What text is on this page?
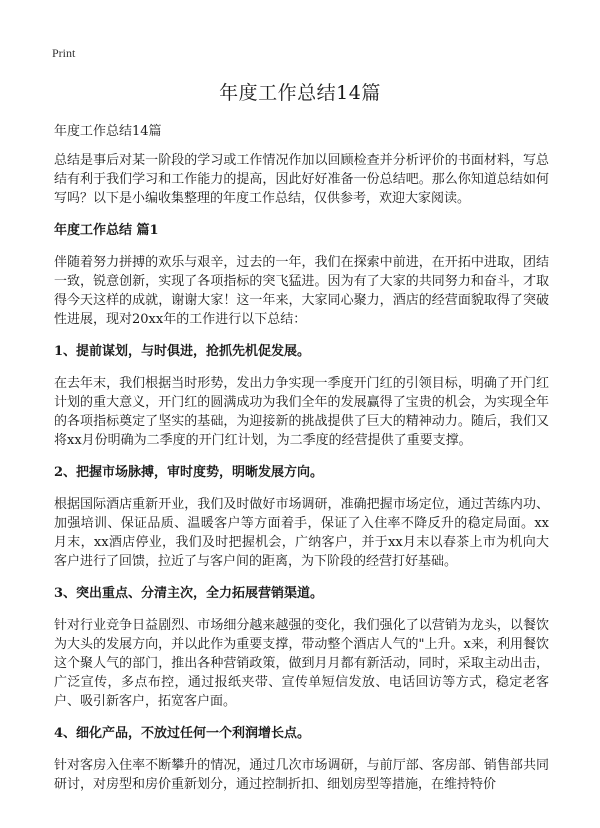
Print
年度工作总结14篇

年度工作总结14篇

总结是事后对某一阶段的学习或工作情况作加以回顾检查并分析评价的书面材料，写总结有利于我们学习和工作能力的提高，因此好好准备一份总结吧。那么你知道总结如何写吗？以下是小编收集整理的年度工作总结，仅供参考，欢迎大家阅读。

年度工作总结 篇1

伴随着努力拼搏的欢乐与艰辛，过去的一年，我们在探索中前进，在开拓中进取，团结一致，锐意创新，实现了各项指标的突飞猛进。因为有了大家的共同努力和奋斗，才取得今天这样的成就，谢谢大家！这一年来，大家同心聚力，酒店的经营面貌取得了突破性进展，现对20xx年的工作进行以下总结：

1、提前谋划，与时俱进，抢抓先机促发展。

在去年末，我们根据当时形势，发出力争实现一季度开门红的引领目标，明确了开门红计划的重大意义，开门红的圆满成功为我们全年的发展赢得了宝贵的机会，为实现全年的各项指标奠定了坚实的基础，为迎接新的挑战提供了巨大的精神动力。随后，我们又将xx月份明确为二季度的开门红计划，为二季度的经营提供了重要支撑。

2、把握市场脉搏，审时度势，明晰发展方向。

根据国际酒店重新开业，我们及时做好市场调研，准确把握市场定位，通过苦练内功、加强培训、保证品质、温暖客户等方面着手，保证了入住率不降反升的稳定局面。xx月末，xx酒店停业，我们及时把握机会，广纳客户，并于xx月末以春茶上市为机向大客户进行了回馈，拉近了与客户间的距离，为下阶段的经营打好基础。

3、突出重点、分清主次，全力拓展营销渠道。

针对行业竞争日益剧烈、市场细分越来越强的变化，我们强化了以营销为龙头，以餐饮为大头的发展方向，并以此作为重要支撑，带动整个酒店人气的"上升。x来，利用餐饮这个聚人气的部门，推出各种营销政策，做到月月都有新活动，同时，采取主动出击，广泛宣传，多点布控，通过报纸夹带、宣传单短信发放、电话回访等方式，稳定老客户、吸引新客户，拓宽客户面。

4、细化产品，不放过任何一个利润增长点。

针对客房入住率不断攀升的情况，通过几次市场调研，与前厅部、客房部、销售部共同研讨，对房型和房价重新划分，通过控制折扣、细划房型等措施，在维持特价
